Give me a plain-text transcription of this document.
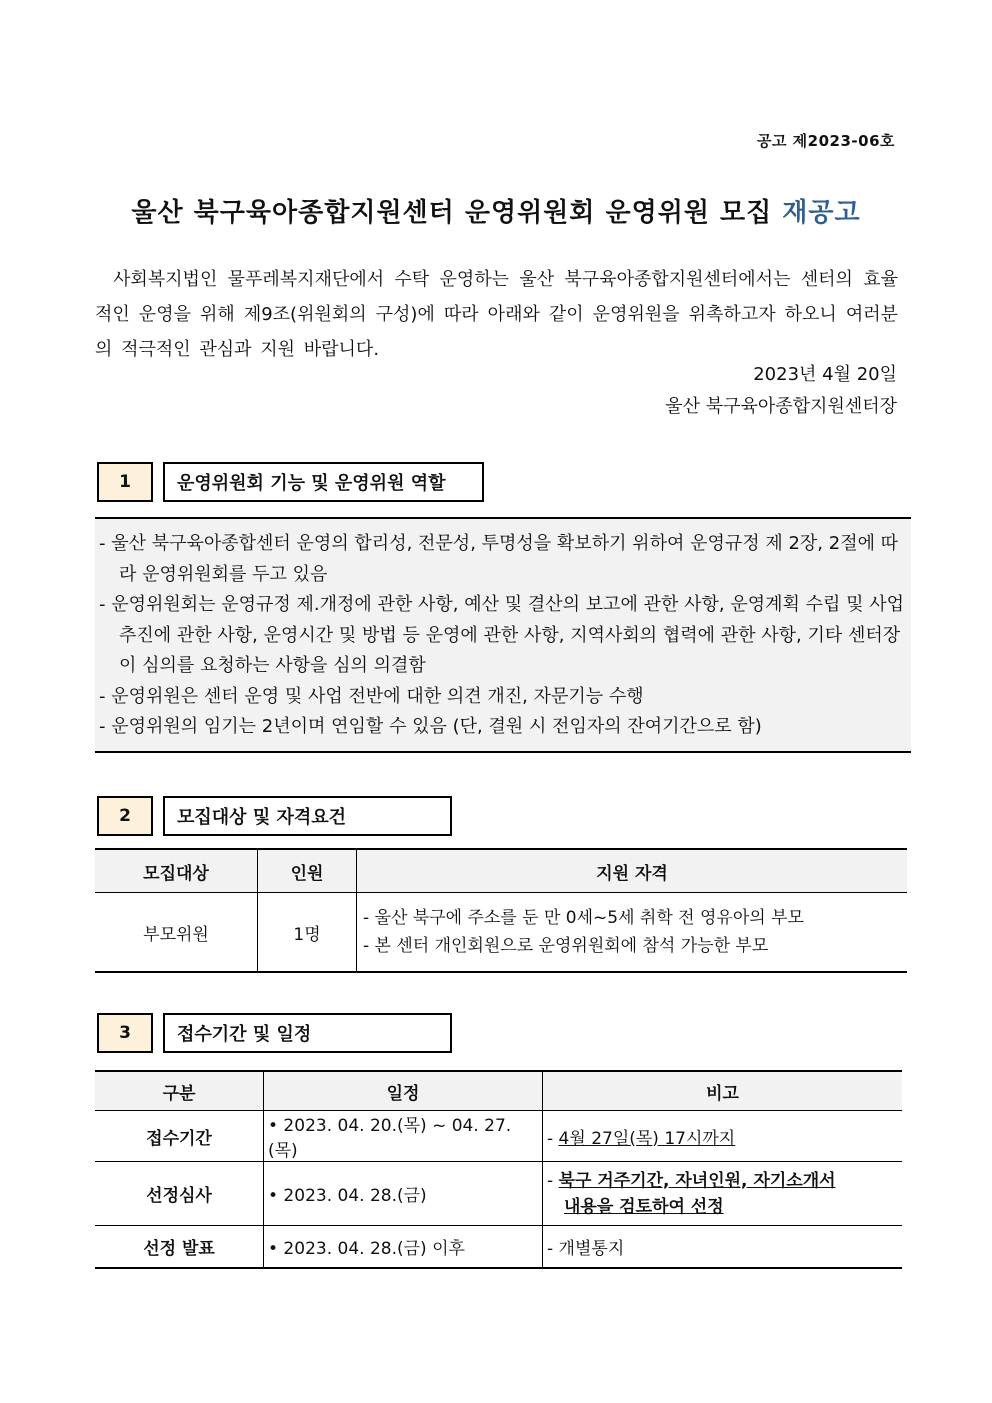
공고 제2023-06호
울산 북구육아종합지원센터 운영위원회 운영위원 모집 재공고
사회복지법인 물푸레복지재단에서 수탁 운영하는 울산 북구육아종합지원센터에서는 센터의 효율적인 운영을 위해 제9조(위원회의 구성)에 따라 아래와 같이 운영위원을 위촉하고자 하오니 여러분의 적극적인 관심과 지원 바랍니다.
2023년 4월 20일
울산 북구육아종합지원센터장
1	운영위원회 기능 및 운영위원 역할
- 울산 북구육아종합센터 운영의 합리성, 전문성, 투명성을 확보하기 위하여 운영규정 제 2장, 2절에 따라 운영위원회를 두고 있음
- 운영위원회는 운영규정 제.개정에 관한 사항, 예산 및 결산의 보고에 관한 사항, 운영계획 수립 및 사업추진에 관한 사항, 운영시간 및 방법 등 운영에 관한 사항, 지역사회의 협력에 관한 사항, 기타 센터장이 심의를 요청하는 사항을 심의 의결함
- 운영위원은 센터 운영 및 사업 전반에 대한 의견 개진, 자문기능 수행
- 운영위원의 임기는 2년이며 연임할 수 있음 (단, 결원 시 전임자의 잔여기간으로 함)
2	모집대상 및 자격요건
모집대상	인원	지원 자격
부모위원	1명	- 울산 북구에 주소를 둔 만 0세~5세 취학 전 영유아의 부모
- 본 센터 개인회원으로 운영위원회에 참석 가능한 부모
3	접수기간 및 일정
구분	일정	비고
접수기간	• 2023. 04. 20.(목) ~ 04. 27.(목)	- 4월 27일(목) 17시까지
선정심사	• 2023. 04. 28.(금)	- 북구 거주기간, 자녀인원, 자기소개서
내용을 검토하여 선정

선정 발표	• 2023. 04. 28.(금) 이후	- 개별통지
